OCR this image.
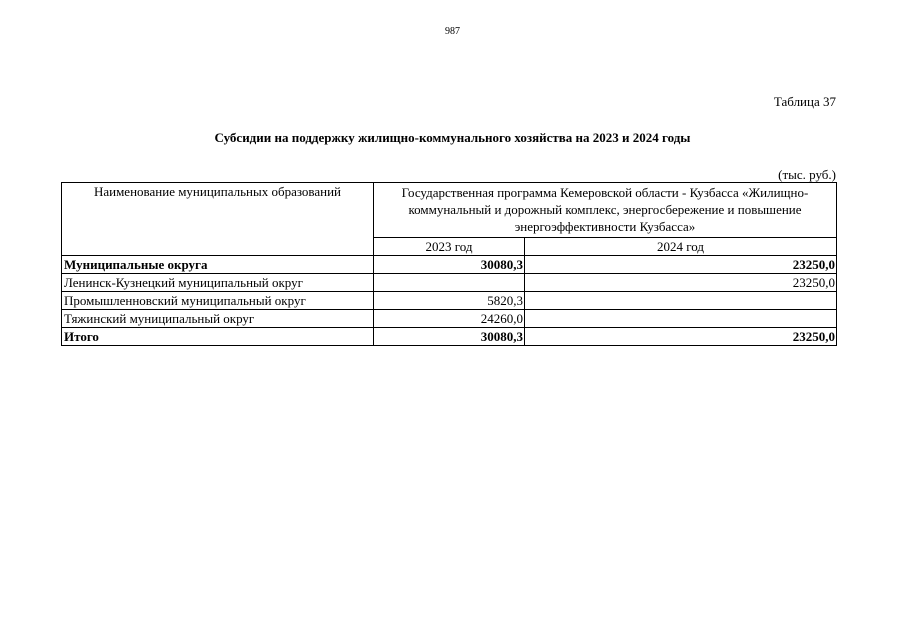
987
Таблица 37
Субсидии на поддержку жилищно-коммунального хозяйства на 2023 и 2024 годы
(тыс. руб.)
Наименование муниципальных образований	Государственная программа Кемеровской области - Кузбасса «Жилищно-коммунальный и дорожный комплекс, энергосбережение и повышение энергоэффективности Кузбасса»	
	2023 год	2024 год
Муниципальные округа	30080,3	23250,0
Ленинск-Кузнецкий муниципальный округ		23250,0
Промышленновский муниципальный округ	5820,3	
Тяжинский муниципальный округ	24260,0	
Итого	30080,3	23250,0
